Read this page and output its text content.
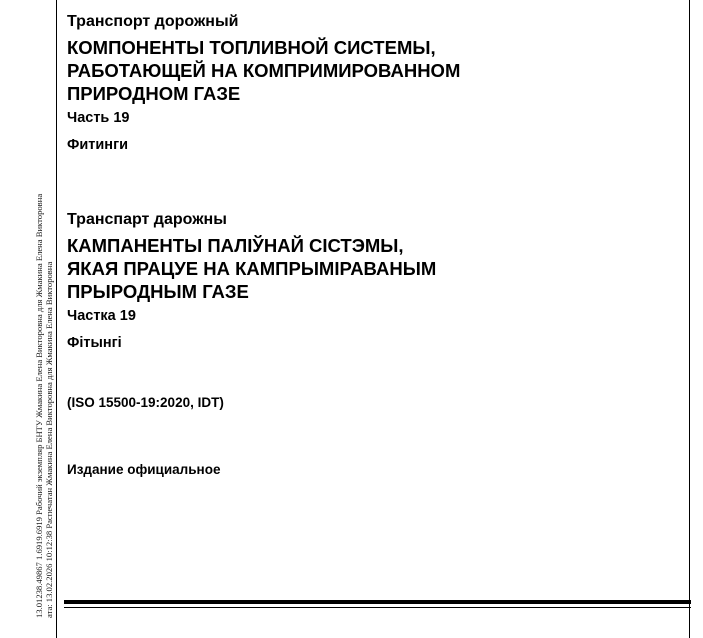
13.01238.49867 1.6919.6919 Рабочий экземпляр БНТУ Жмакина Елена Викторовна для Жмакина Елена Викторовна ата: 13.02.2026 10:12:38 Распечатан Жмакина Елена Викторовна для Жмакина Елена Викторовна

Транспорт дорожный

КОМПОНЕНТЫ ТОПЛИВНОЙ СИСТЕМЫ,
РАБОТАЮЩЕЙ НА КОМПРИМИРОВАННОМ
ПРИРОДНОМ ГАЗЕ

Часть 19

Фитинги

Транспарт дарожны

КАМПАНЕНТЫ ПАЛІЎНАЙ СІСТЭМЫ,
ЯКАЯ ПРАЦУЕ НА КАМПРЫМІРАВАНЫМ
ПРЫРОДНЫМ ГАЗЕ

Частка 19

Фітынгі

(ISO 15500-19:2020, IDT)
Издание официальное
